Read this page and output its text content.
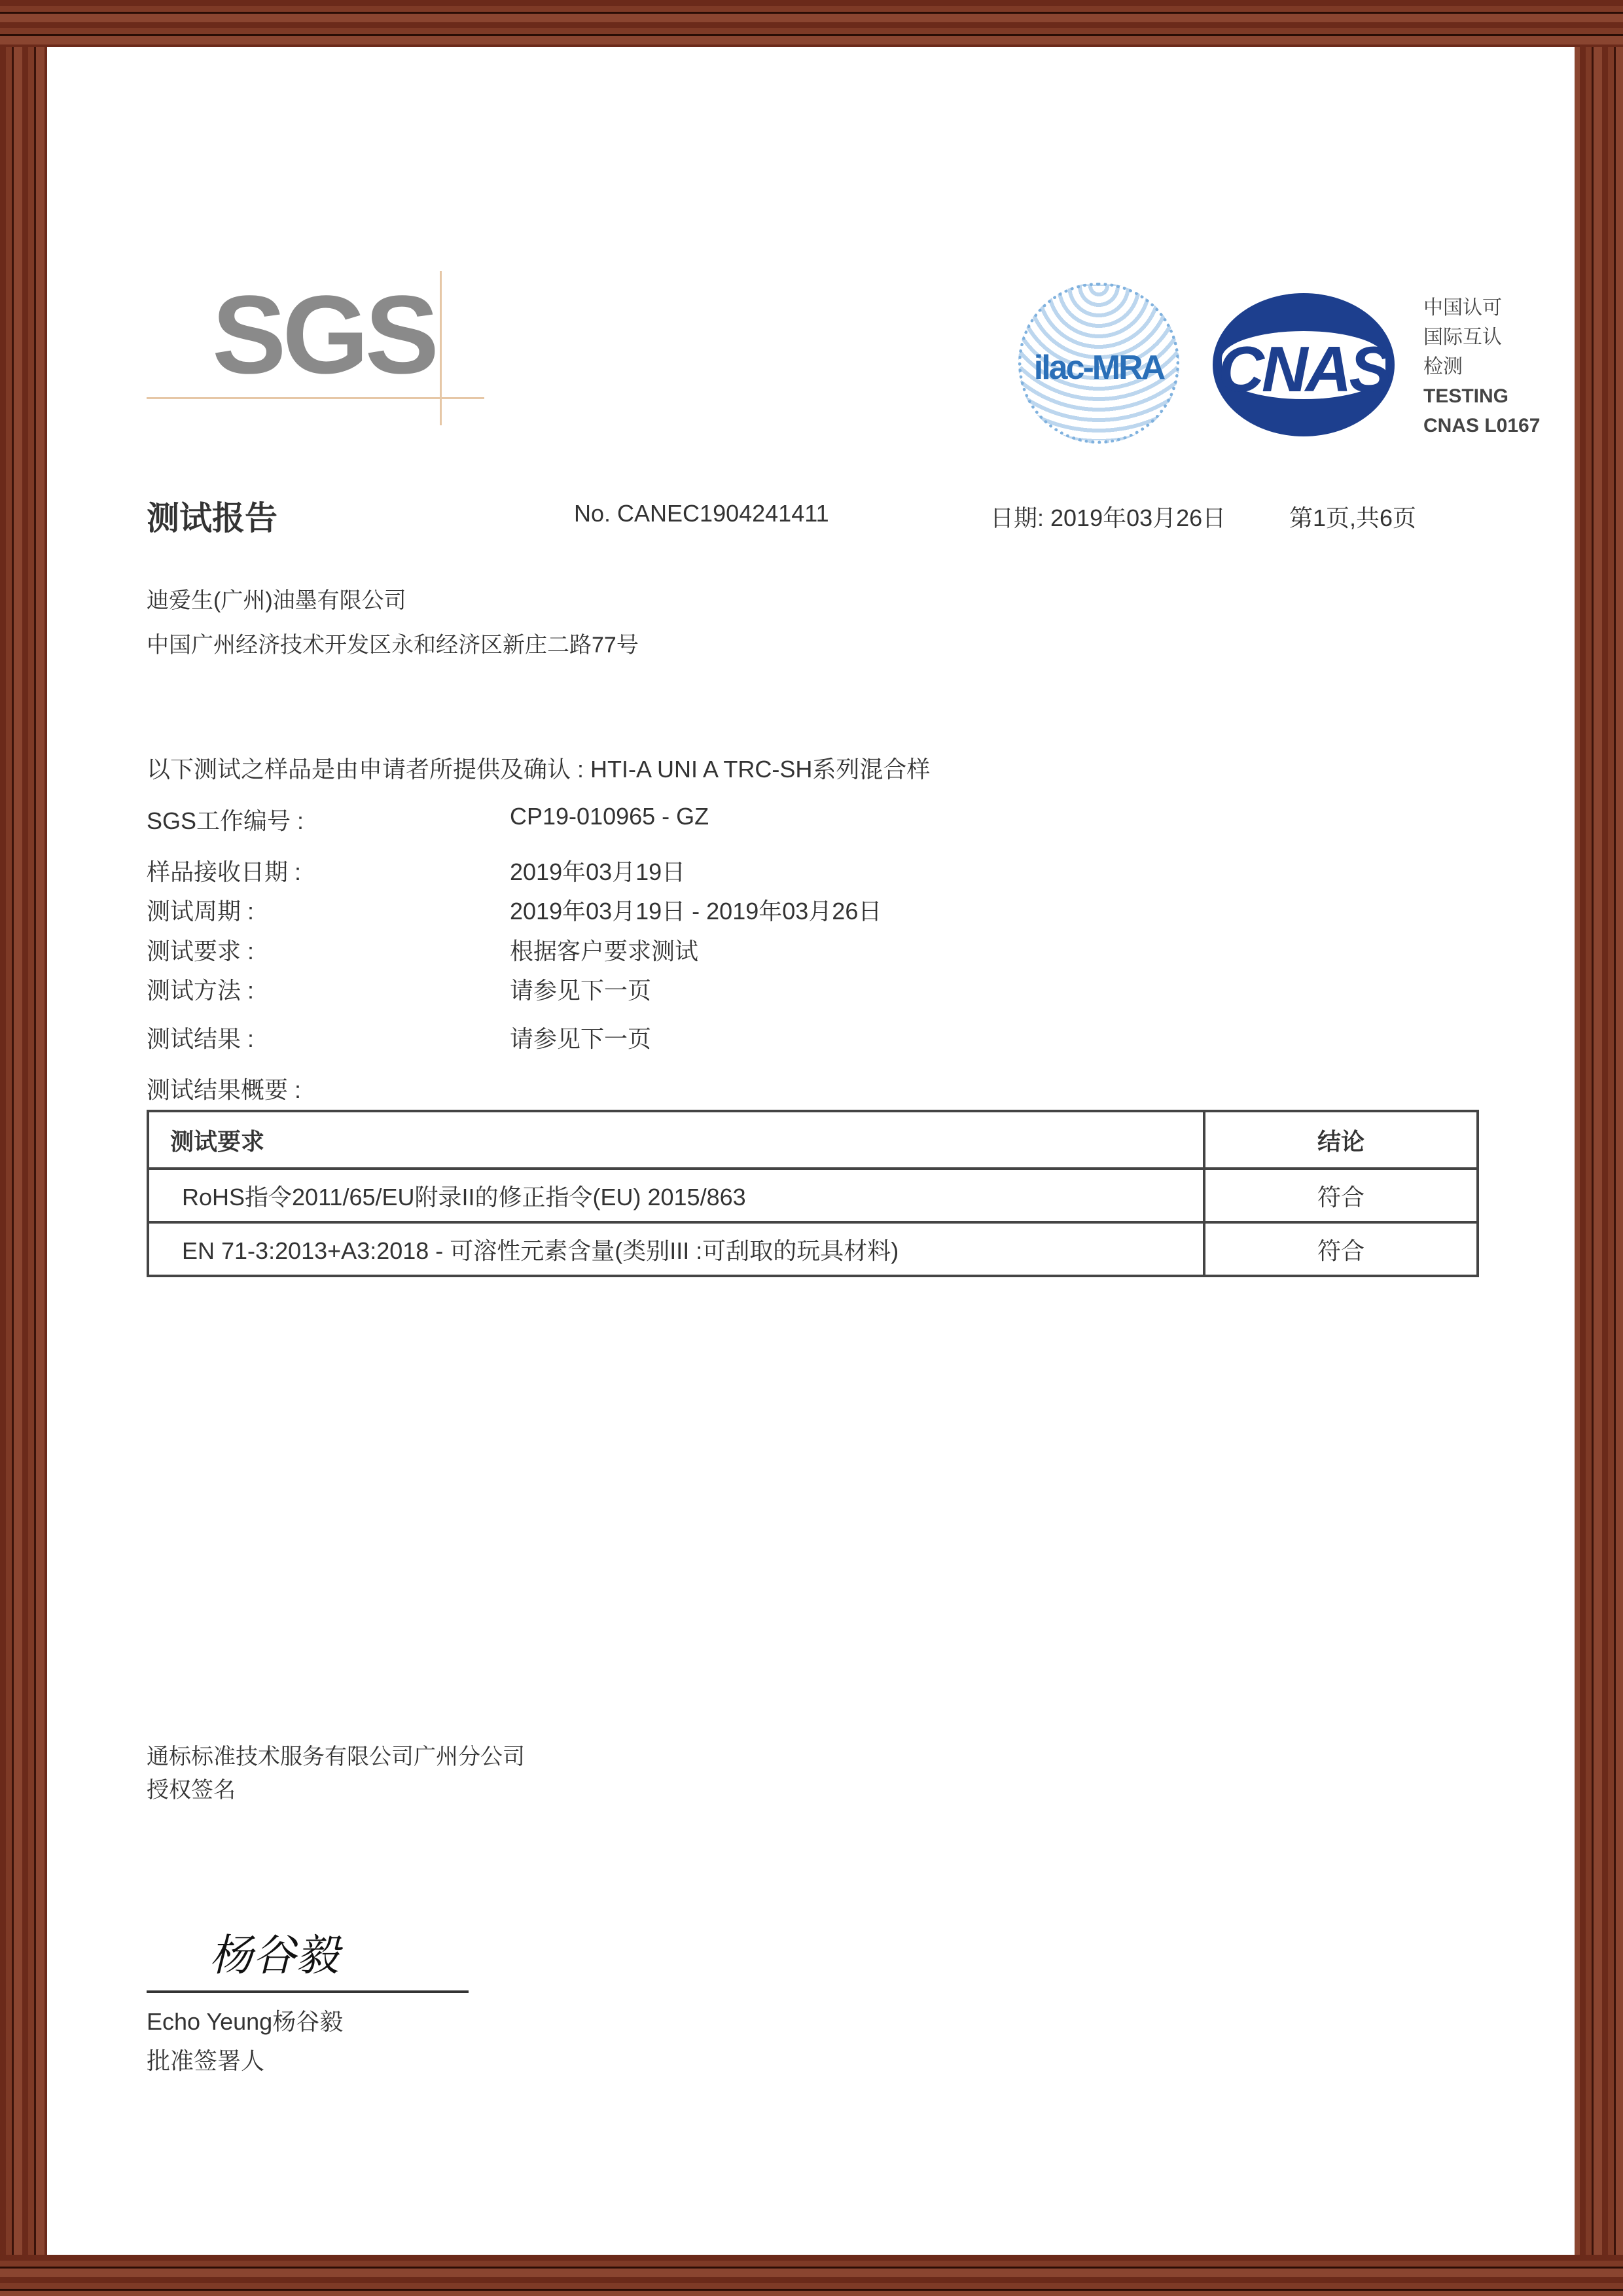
SGS	ilac-MRA CNAS
中国认可
国际互认
检测
TESTING
CNAS L0167
测试报告	No. CANEC1904241411	日期: 2019年03月26日	第1页,共6页
迪爱生(广州)油墨有限公司
中国广州经济技术开发区永和经济区新庄二路77号
以下测试之样品是由申请者所提供及确认 : HTI-A UNI A TRC-SH系列混合样
SGS工作编号 :	CP19-010965 - GZ
样品接收日期 :	2019年03月19日
测试周期 :	2019年03月19日 - 2019年03月26日
测试要求 :	根据客户要求测试
测试方法 :	请参见下一页
测试结果 :	请参见下一页
测试结果概要 :
测试要求	结论
RoHS指令2011/65/EU附录II的修正指令(EU) 2015/863	符合
EN 71-3:2013+A3:2018 - 可溶性元素含量(类别III :可刮取的玩具材料)	符合
通标标准技术服务有限公司广州分公司
授权签名
杨谷毅
Echo Yeung杨谷毅
批准签署人
